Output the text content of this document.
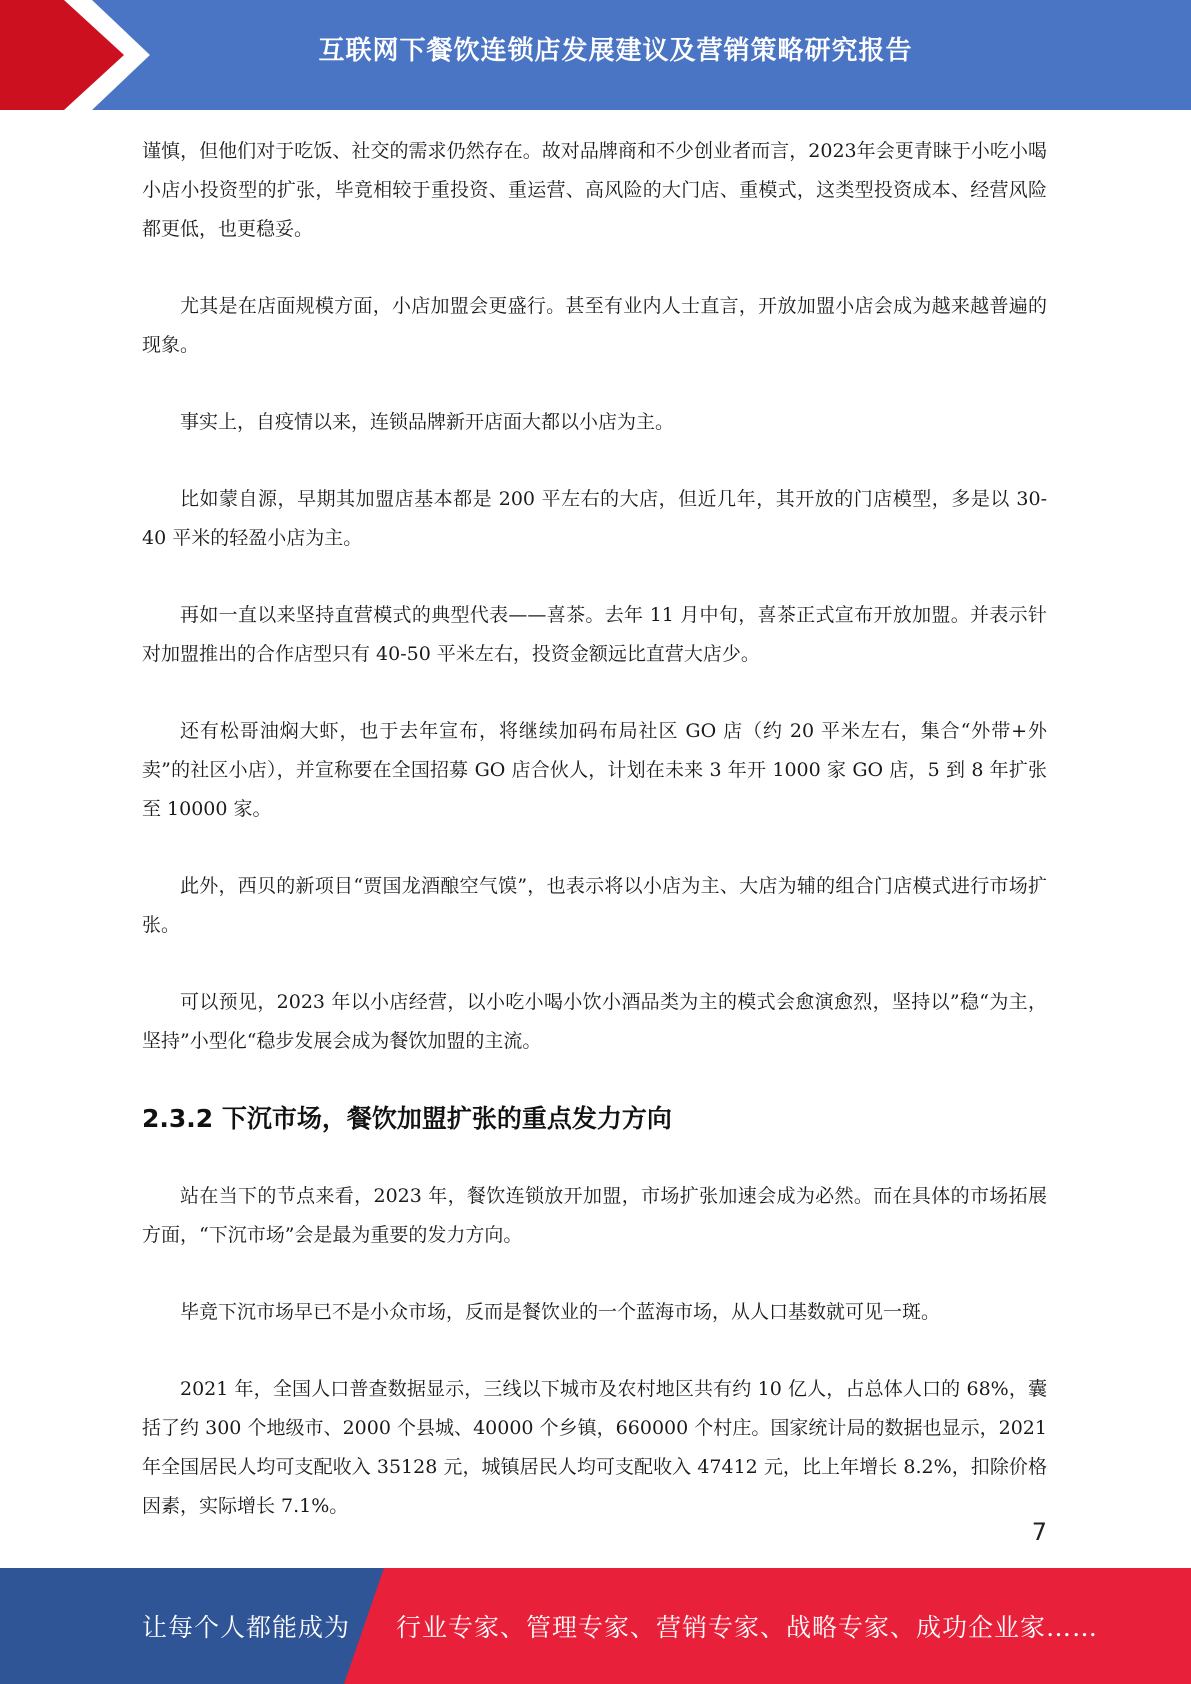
互联网下餐饮连锁店发展建议及营销策略研究报告

谨慎，但他们对于吃饭、社交的需求仍然存在。故对品牌商和不少创业者而言，2023年会更青睐于小吃小喝小店小投资型的扩张，毕竟相较于重投资、重运营、高风险的大门店、重模式，这类型投资成本、经营风险都更低，也更稳妥。

尤其是在店面规模方面，小店加盟会更盛行。甚至有业内人士直言，开放加盟小店会成为越来越普遍的现象。

事实上，自疫情以来，连锁品牌新开店面大都以小店为主。

比如蒙自源，早期其加盟店基本都是 200 平左右的大店，但近几年，其开放的门店模型，多是以 30-40 平米的轻盈小店为主。

再如一直以来坚持直营模式的典型代表——喜茶。去年 11 月中旬，喜茶正式宣布开放加盟。并表示针对加盟推出的合作店型只有 40-50 平米左右，投资金额远比直营大店少。

还有松哥油焖大虾，也于去年宣布，将继续加码布局社区 GO 店（约 20 平米左右，集合“外带+外卖”的社区小店），并宣称要在全国招募 GO 店合伙人，计划在未来 3 年开 1000 家 GO 店，5 到 8 年扩张至 10000 家。

此外，西贝的新项目“贾国龙酒酿空气馍”，也表示将以小店为主、大店为辅的组合门店模式进行市场扩张。

可以预见，2023 年以小店经营，以小吃小喝小饮小酒品类为主的模式会愈演愈烈，坚持以”稳“为主，坚持”小型化“稳步发展会成为餐饮加盟的主流。

2.3.2 下沉市场，餐饮加盟扩张的重点发力方向

站在当下的节点来看，2023 年，餐饮连锁放开加盟，市场扩张加速会成为必然。而在具体的市场拓展方面，“下沉市场”会是最为重要的发力方向。

毕竟下沉市场早已不是小众市场，反而是餐饮业的一个蓝海市场，从人口基数就可见一斑。

2021 年，全国人口普查数据显示，三线以下城市及农村地区共有约 10 亿人，占总体人口的 68%，囊括了约 300 个地级市、2000 个县城、40000 个乡镇，660000 个村庄。国家统计局的数据也显示，2021 年全国居民人均可支配收入 35128 元，城镇居民人均可支配收入 47412 元，比上年增长 8.2%，扣除价格因素，实际增长 7.1%。

7
让每个人都能成为 行业专家、管理专家、营销专家、战略专家、成功企业家……
